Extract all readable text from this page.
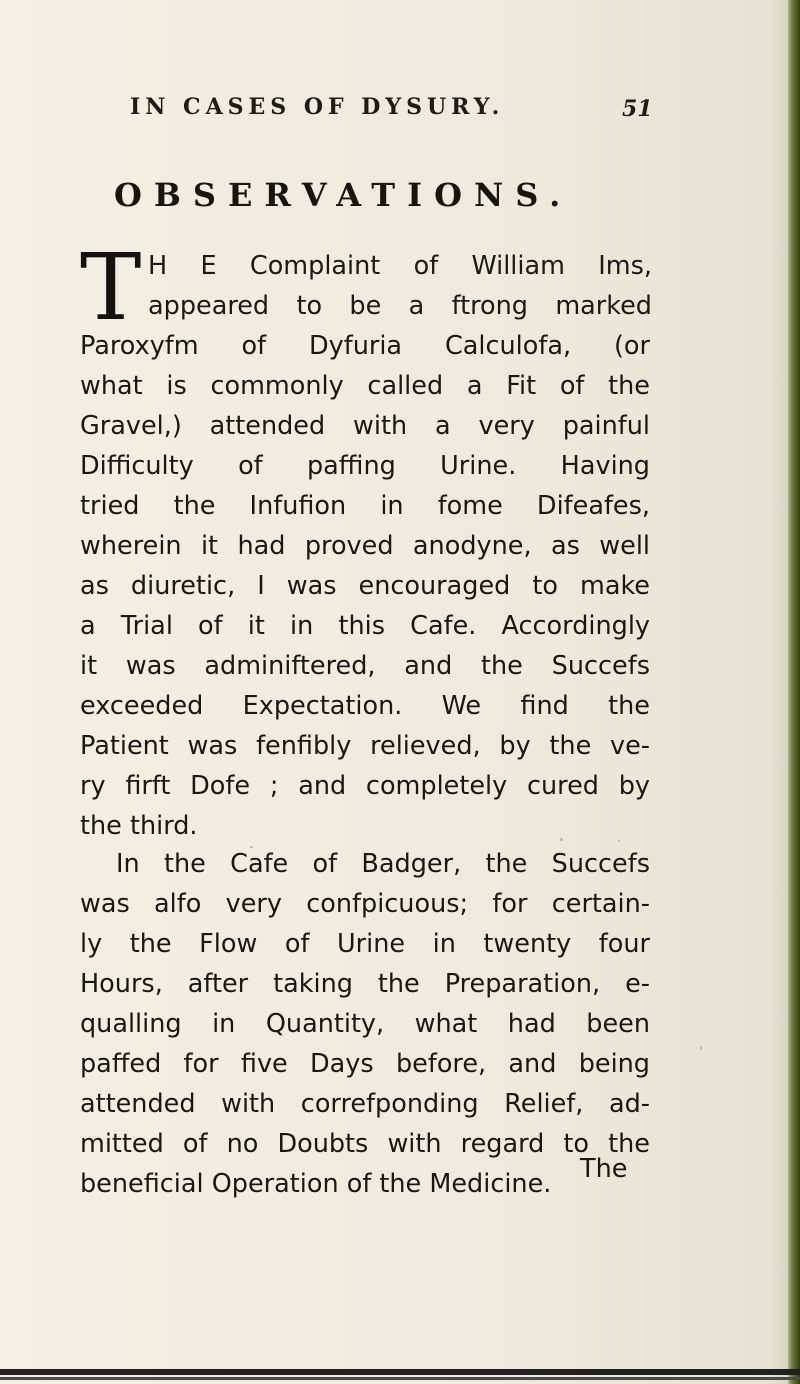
IN CASES OF DYSURY.	51
OBSERVATIONS.
T H E Complaint of William Ims,
appeared to be a ftrong marked
Paroxyfm of Dyfuria Calculofa, (or
what is commonly called a Fit of the
Gravel,) attended with a very painful
Difficulty of paffing Urine. Having
tried the Infufion in fome Difeafes,
wherein it had proved anodyne, as well
as diuretic, I was encouraged to make
a Trial of it in this Cafe. Accordingly
it was adminiftered, and the Succefs
exceeded Expectation. We find the
Patient was fenfibly relieved, by the ve-
ry firft Dofe ; and completely cured by
the third.
In the Cafe of Badger, the Succefs
was alfo very confpicuous; for certain-
ly the Flow of Urine in twenty four
Hours, after taking the Preparation, e-
qualling in Quantity, what had been
paffed for five Days before, and being
attended with correfponding Relief, ad-
mitted of no Doubts with regard to the
beneficial Operation of the Medicine.	The
